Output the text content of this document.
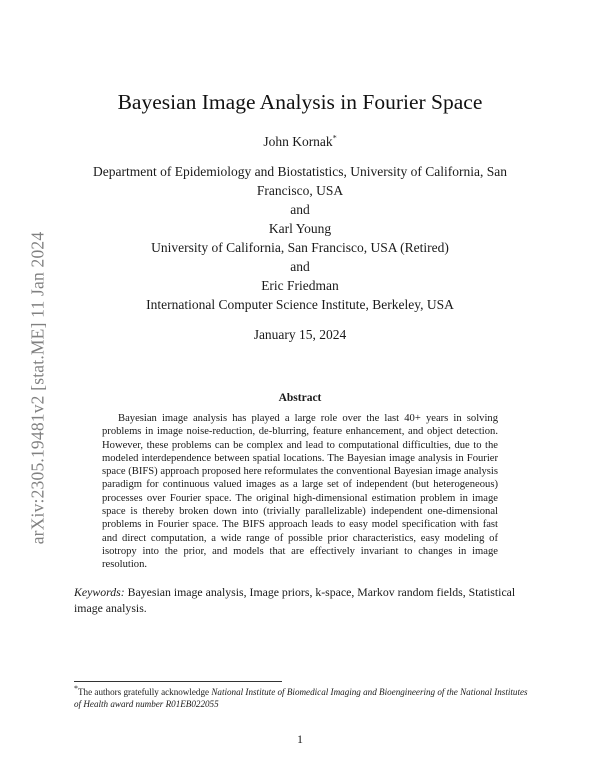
arXiv:2305.19481v2 [stat.ME] 11 Jan 2024
Bayesian Image Analysis in Fourier Space
John Kornak*
Department of Epidemiology and Biostatistics, University of California, San Francisco, USA
and
Karl Young
University of California, San Francisco, USA (Retired)
and
Eric Friedman
International Computer Science Institute, Berkeley, USA
January 15, 2024
Abstract
Bayesian image analysis has played a large role over the last 40+ years in solving problems in image noise-reduction, de-blurring, feature enhancement, and object detection. However, these problems can be complex and lead to computational difficulties, due to the modeled interdependence between spatial locations. The Bayesian image analysis in Fourier space (BIFS) approach proposed here reformulates the conventional Bayesian image analysis paradigm for continuous valued images as a large set of independent (but heterogeneous) processes over Fourier space. The original high-dimensional estimation problem in image space is thereby broken down into (trivially parallelizable) independent one-dimensional problems in Fourier space. The BIFS approach leads to easy model specification with fast and direct computation, a wide range of possible prior characteristics, easy modeling of isotropy into the prior, and models that are effectively invariant to changes in image resolution.
Keywords: Bayesian image analysis, Image priors, k-space, Markov random fields, Statistical image analysis.
*The authors gratefully acknowledge National Institute of Biomedical Imaging and Bioengineering of the National Institutes of Health award number R01EB022055
1
